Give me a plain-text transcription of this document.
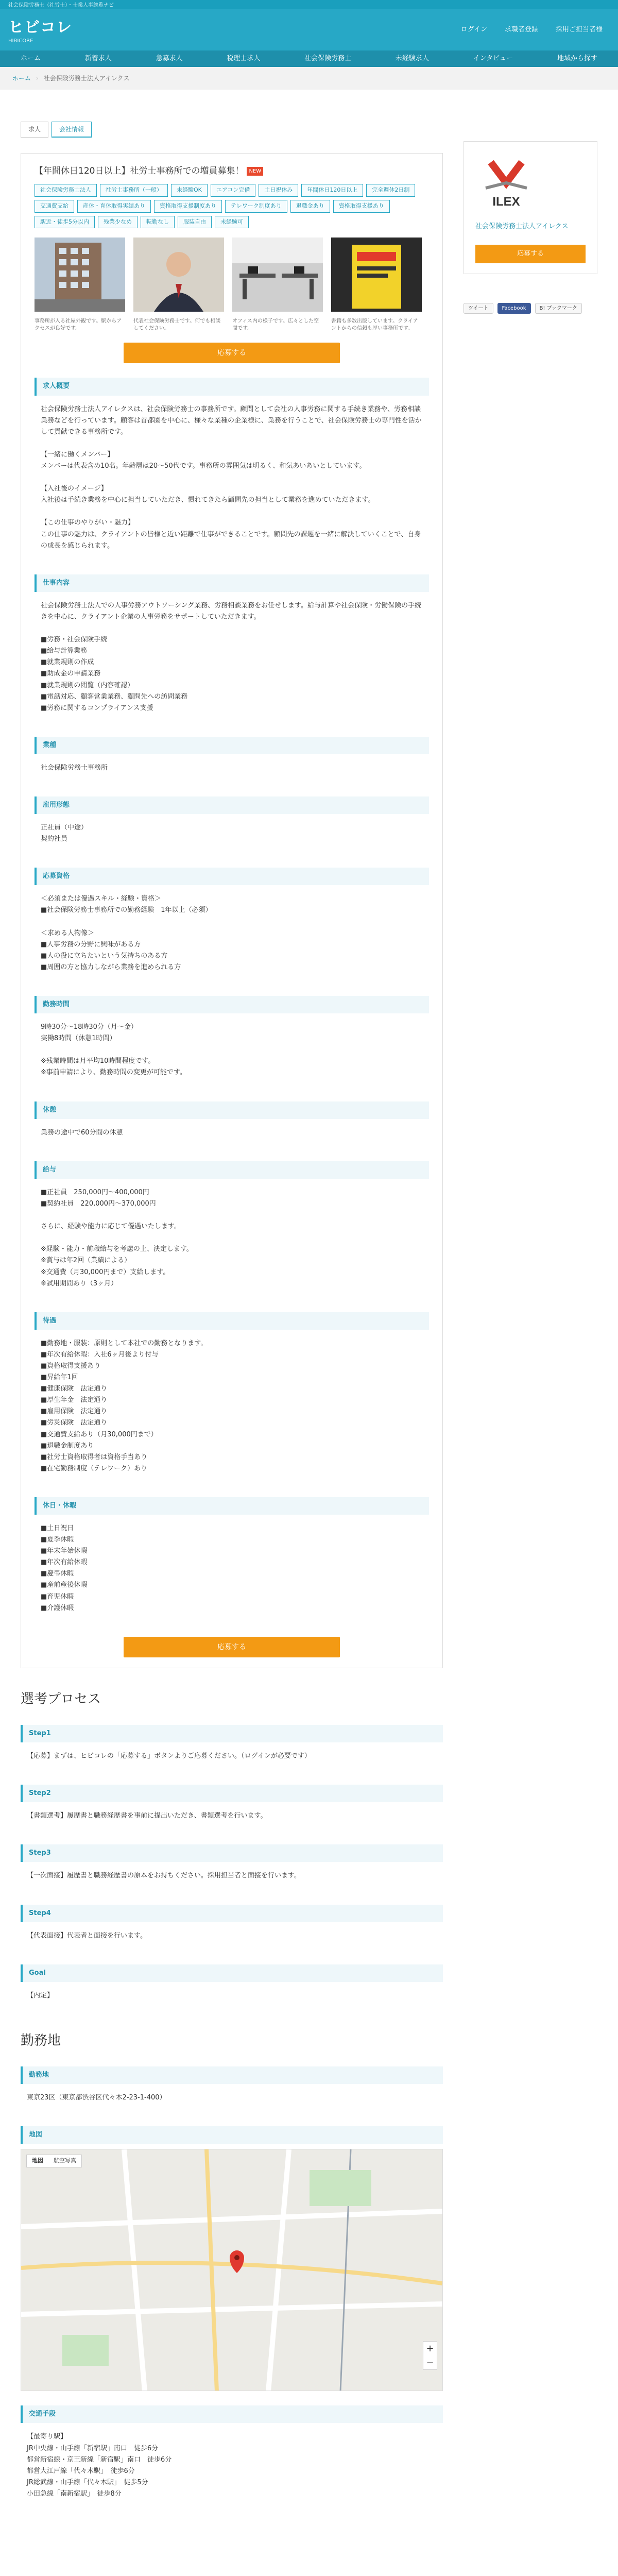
社会保険労務士（社労士）・士業人事総覧ナビ
ヒビコレ
HIBICORE
ログイン	求職者登録	採用ご担当者様
ホーム	新着求人	急募求人	税理士求人	社会保険労務士	未経験求人	インタビュー	地域から探す
ホーム › 社会保険労務士法人アイレクス
求人	会社情報
【年間休日120日以上】社労士事務所での増員募集！ NEW
社会保険労務士法人	社労士事務所（一般）	未経験OK	エアコン完備	土日祝休み	年間休日120日以上	完全週休2日制
交通費支給	産休・育休取得実績あり	資格取得支援制度あり	テレワーク制度あり	退職金あり	資格取得支援あり
駅近・徒歩5分以内	残業少なめ	転勤なし	服装自由	未経験可
事務所が入る社屋外観です。駅からアクセスが良好です。
代表社会保険労務士です。何でも相談してください。
オフィス内の様子です。広々とした空間です。
書籍も多数出版しています。クライアントからの信頼も厚い事務所です。
応募する
求人概要
社会保険労務士法人アイレクスは、社会保険労務士の事務所です。顧問として会社の人事労務に関する手続き業務や、労務相談業務などを行っています。顧客は首都圏を中心に、様々な業種の企業様に、業務を行うことで、社会保険労務士の専門性を活かして貢献できる事務所です。

【一緒に働くメンバー】
メンバーは代表含め10名。年齢層は20〜50代です。事務所の雰囲気は明るく、和気あいあいとしています。

【入社後のイメージ】
入社後は手続き業務を中心に担当していただき、慣れてきたら顧問先の担当として業務を進めていただきます。

【この仕事のやりがい・魅力】
この仕事の魅力は、クライアントの皆様と近い距離で仕事ができることです。顧問先の課題を一緒に解決していくことで、自身の成長を感じられます。
仕事内容
社会保険労務士法人での人事労務アウトソーシング業務、労務相談業務をお任せします。給与計算や社会保険・労働保険の手続きを中心に、クライアント企業の人事労務をサポートしていただきます。

■労務・社会保険手続
■給与計算業務
■就業規則の作成
■助成金の申請業務
■就業規則の閲覧（内容確認）
■電話対応、顧客営業業務、顧問先への訪問業務
■労務に関するコンプライアンス支援
業種
社会保険労務士事務所
雇用形態
正社員（中途）
契約社員
応募資格
＜必須または優遇スキル・経験・資格＞
■社会保険労務士事務所での勤務経験　1年以上（必須）

＜求める人物像＞
■人事労務の分野に興味がある方
■人の役に立ちたいという気持ちのある方
■周囲の方と協力しながら業務を進められる方
勤務時間
9時30分〜18時30分（月〜金）
実働8時間（休憩1時間）

※残業時間は月平均10時間程度です。
※事前申請により、勤務時間の変更が可能です。
休憩
業務の途中で60分間の休憩
給与
■正社員　250,000円〜400,000円
■契約社員　220,000円〜370,000円

さらに、経験や能力に応じて優遇いたします。

※経験・能力・前職給与を考慮の上、決定します。
※賞与は年2回（業績による）
※交通費（月30,000円まで）支給します。
※試用期間あり（3ヶ月）
待遇
■勤務地・服装：原則として本社での勤務となります。
■年次有給休暇：入社6ヶ月後より付与
■資格取得支援あり
■昇給年1回
■健康保険　法定通り
■厚生年金　法定通り
■雇用保険　法定通り
■労災保険　法定通り
■交通費支給あり（月30,000円まで）
■退職金制度あり
■社労士資格取得者は資格手当あり
■在宅勤務制度（テレワーク）あり
休日・休暇
■土日祝日
■夏季休暇
■年末年始休暇
■年次有給休暇
■慶弔休暇
■産前産後休暇
■育児休暇
■介護休暇
応募する
選考プロセス
Step1
【応募】まずは、ヒビコレの「応募する」ボタンよりご応募ください。（ログインが必要です）
Step2
【書類選考】履歴書と職務経歴書を事前に提出いただき、書類選考を行います。
Step3
【一次面接】履歴書と職務経歴書の原本をお持ちください。採用担当者と面接を行います。
Step4
【代表面接】代表者と面接を行います。
Goal
【内定】
勤務地
勤務地
東京23区（東京都渋谷区代々木2-23-1-400）
地図
地図	航空写真
+
−
交通手段
【最寄り駅】
JR中央線・山手線「新宿駅」南口　徒歩6分
都営新宿線・京王新線「新宿駅」南口　徒歩6分
都営大江戸線「代々木駅」　徒歩6分
JR総武線・山手線「代々木駅」　徒歩5分
小田急線「南新宿駅」　徒歩8分
ILEX
社会保険労務士法人アイレクス
応募する
ツイート	Facebook	B! ブックマーク
